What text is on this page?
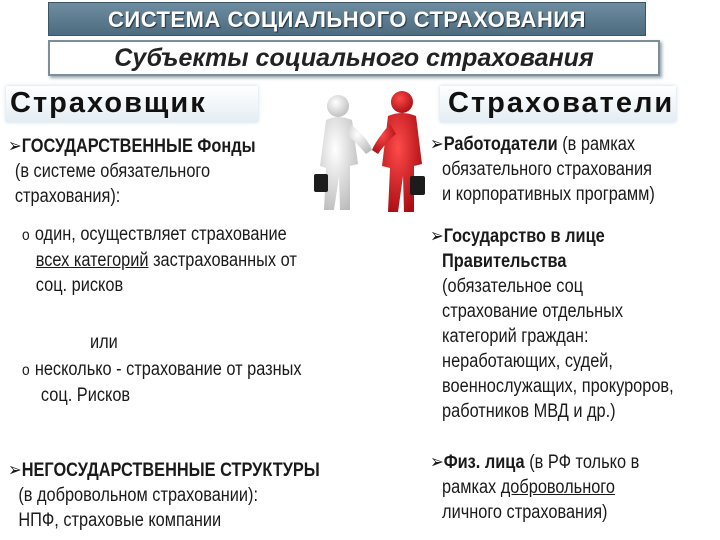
СИСТЕМА СОЦИАЛЬНОГО СТРАХОВАНИЯ
Субъекты социального страхования
Страховщик	Страхователи
➢ГОСУДАРСТВЕННЫЕ Фонды
(в системе обязательного
страхования):
o один, осуществляет страхование
всех категорий застрахованных от
соц. рисков
или
o несколько - страхование от разных
соц. Рисков
➢НЕГОСУДАРСТВЕННЫЕ СТРУКТУРЫ
(в добровольном страховании):
НПФ, страховые компании
➢Работодатели (в рамках
обязательного страхования
и корпоративных программ)
➢Государство в лице
Правительства
(обязательное соц
страхование отдельных
категорий граждан:
неработающих, судей,
военнослужащих, прокуроров,
работников МВД и др.)
➢Физ. лица (в РФ только в
рамках добровольного
личного страхования)
